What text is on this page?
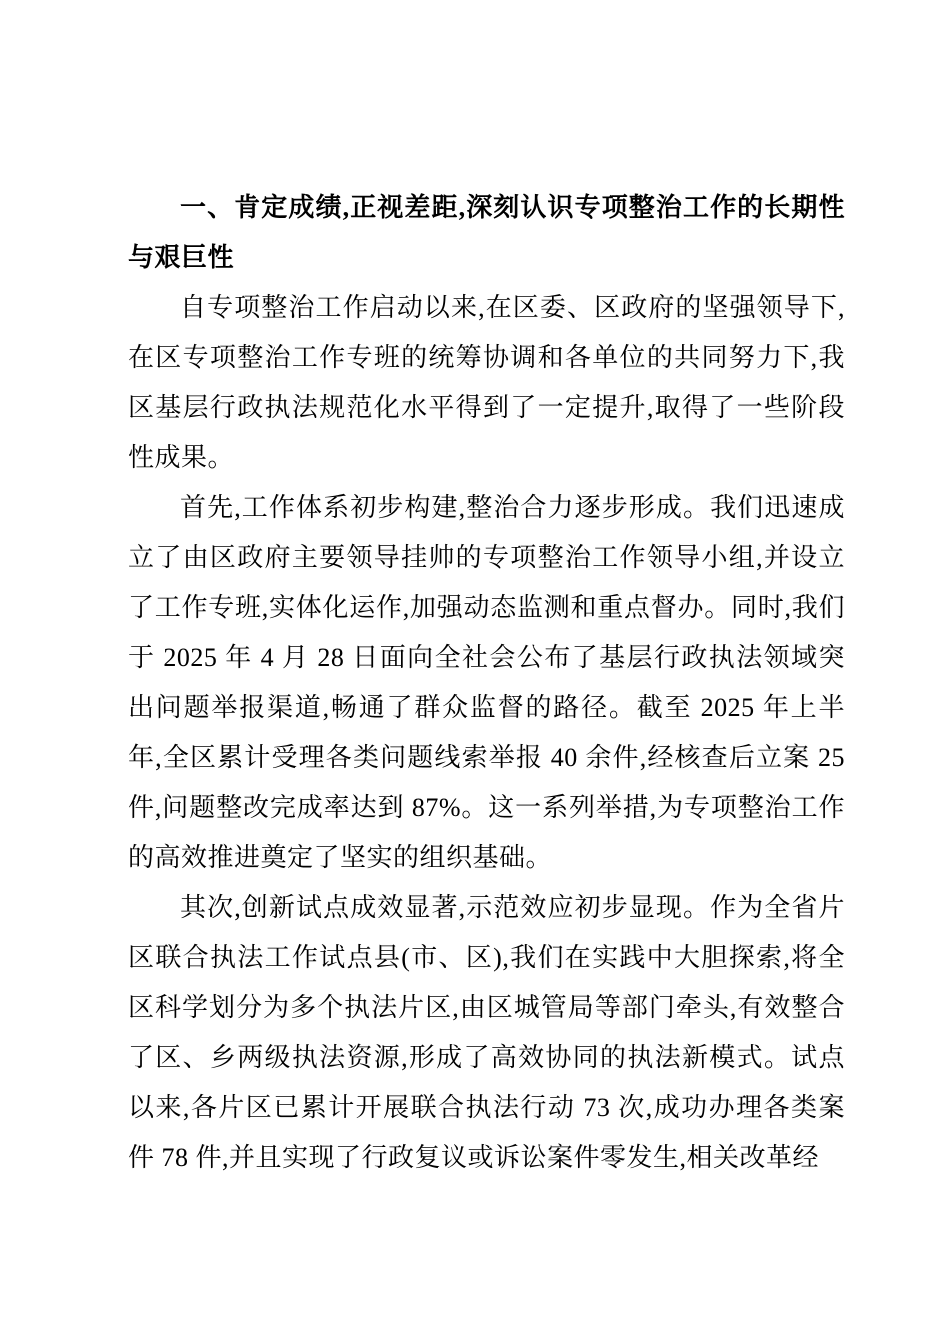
一、肯定成绩,正视差距,深刻认识专项整治工作的长期性与艰巨性

自专项整治工作启动以来,在区委、区政府的坚强领导下,在区专项整治工作专班的统筹协调和各单位的共同努力下,我区基层行政执法规范化水平得到了一定提升,取得了一些阶段性成果。

首先,工作体系初步构建,整治合力逐步形成。我们迅速成立了由区政府主要领导挂帅的专项整治工作领导小组,并设立了工作专班,实体化运作,加强动态监测和重点督办。同时,我们于 2025 年 4 月 28 日面向全社会公布了基层行政执法领域突出问题举报渠道,畅通了群众监督的路径。截至 2025 年上半年,全区累计受理各类问题线索举报 40 余件,经核查后立案 25 件,问题整改完成率达到 87%。这一系列举措,为专项整治工作的高效推进奠定了坚实的组织基础。

其次,创新试点成效显著,示范效应初步显现。作为全省片区联合执法工作试点县(市、区),我们在实践中大胆探索,将全区科学划分为多个执法片区,由区城管局等部门牵头,有效整合了区、乡两级执法资源,形成了高效协同的执法新模式。试点以来,各片区已累计开展联合执法行动 73 次,成功办理各类案件 78 件,并且实现了行政复议或诉讼案件零发生,相关改革经
